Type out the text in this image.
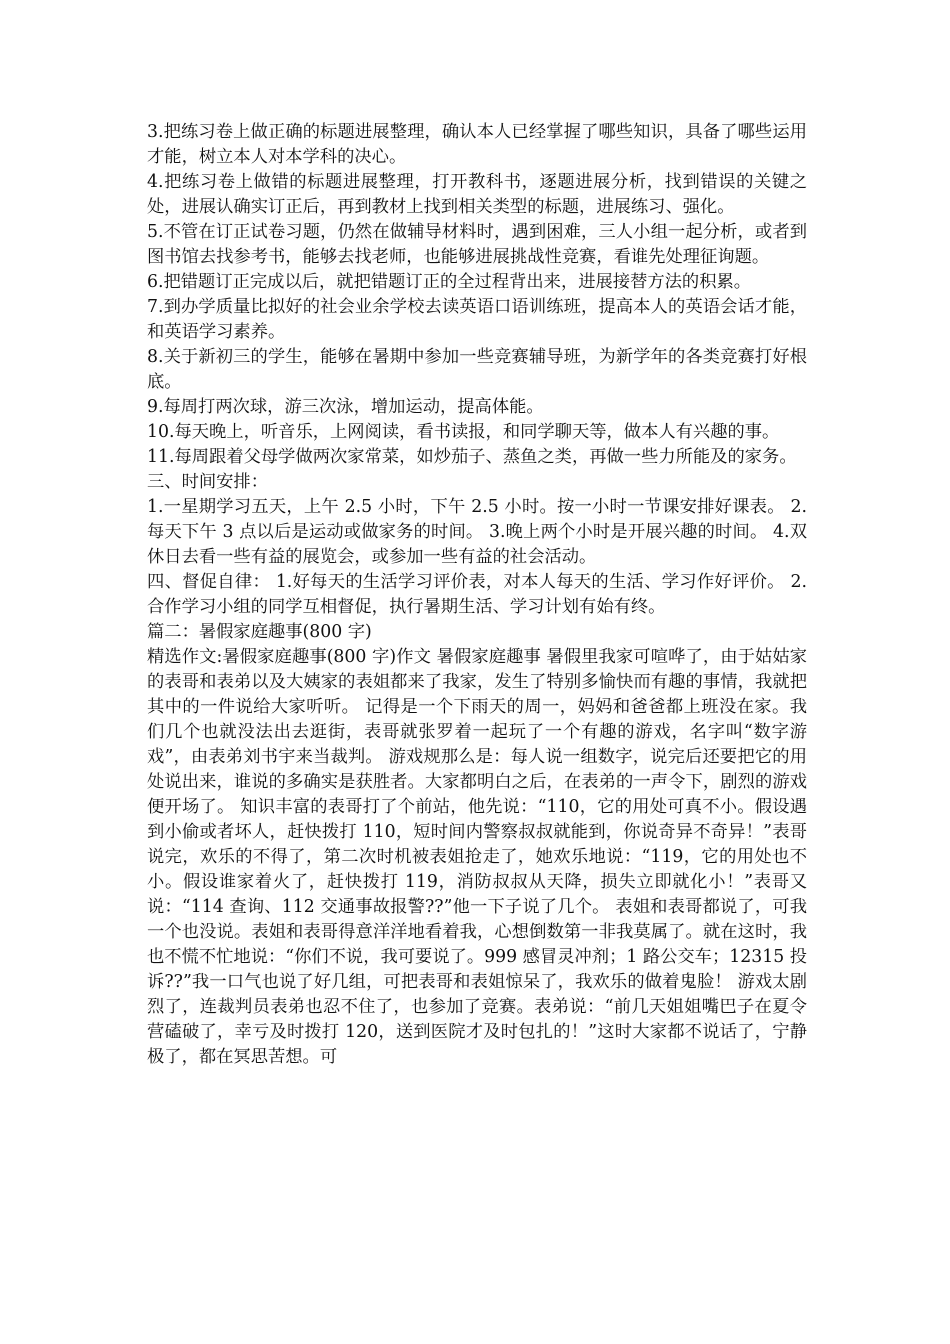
3.把练习卷上做正确的标题进展整理，确认本人已经掌握了哪些知识，具备了哪些运用才能，树立本人对本学科的决心。

4.把练习卷上做错的标题进展整理，打开教科书，逐题进展分析，找到错误的关键之处，进展认确实订正后，再到教材上找到相关类型的标题，进展练习、强化。

5.不管在订正试卷习题，仍然在做辅导材料时，遇到困难，三人小组一起分析，或者到图书馆去找参考书，能够去找老师，也能够进展挑战性竞赛，看谁先处理征询题。

6.把错题订正完成以后，就把错题订正的全过程背出来，进展接替方法的积累。

7.到办学质量比拟好的社会业余学校去读英语口语训练班，提高本人的英语会话才能，和英语学习素养。

8.关于新初三的学生，能够在暑期中参加一些竞赛辅导班，为新学年的各类竞赛打好根底。

9.每周打两次球，游三次泳，增加运动，提高体能。

10.每天晚上，听音乐，上网阅读，看书读报，和同学聊天等，做本人有兴趣的事。

11.每周跟着父母学做两次家常菜，如炒茄子、蒸鱼之类，再做一些力所能及的家务。

三、时间安排：

1.一星期学习五天，上午 2.5 小时，下午 2.5 小时。按一小时一节课安排好课表。 2.每天下午 3 点以后是运动或做家务的时间。 3.晚上两个小时是开展兴趣的时间。 4.双休日去看一些有益的展览会，或参加一些有益的社会活动。

四、督促自律： 1.好每天的生活学习评价表，对本人每天的生活、学习作好评价。 2.合作学习小组的同学互相督促，执行暑期生活、学习计划有始有终。

篇二：暑假家庭趣事(800 字)

精选作文:暑假家庭趣事(800 字)作文 暑假家庭趣事 暑假里我家可喧哗了，由于姑姑家的表哥和表弟以及大姨家的表姐都来了我家，发生了特别多愉快而有趣的事情，我就把其中的一件说给大家听听。 记得是一个下雨天的周一，妈妈和爸爸都上班没在家。我们几个也就没法出去逛街，表哥就张罗着一起玩了一个有趣的游戏，名字叫“数字游戏”，由表弟刘书宇来当裁判。 游戏规那么是：每人说一组数字，说完后还要把它的用处说出来，谁说的多确实是获胜者。大家都明白之后，在表弟的一声令下，剧烈的游戏便开场了。 知识丰富的表哥打了个前站，他先说：“110，它的用处可真不小。假设遇到小偷或者坏人，赶快拨打 110，短时间内警察叔叔就能到，你说奇异不奇异！”表哥说完，欢乐的不得了，第二次时机被表姐抢走了，她欢乐地说：“119，它的用处也不小。假设谁家着火了，赶快拨打 119，消防叔叔从天降，损失立即就化小！”表哥又说：“114 查询、112 交通事故报警??”他一下子说了几个。 表姐和表哥都说了，可我一个也没说。表姐和表哥得意洋洋地看着我，心想倒数第一非我莫属了。就在这时，我也不慌不忙地说：“你们不说，我可要说了。999 感冒灵冲剂；1 路公交车；12315 投诉??”我一口气也说了好几组，可把表哥和表姐惊呆了，我欢乐的做着鬼脸！ 游戏太剧烈了，连裁判员表弟也忍不住了，也参加了竞赛。表弟说：“前几天姐姐嘴巴子在夏令营磕破了，幸亏及时拨打 120，送到医院才及时包扎的！”这时大家都不说话了，宁静极了，都在冥思苦想。可
